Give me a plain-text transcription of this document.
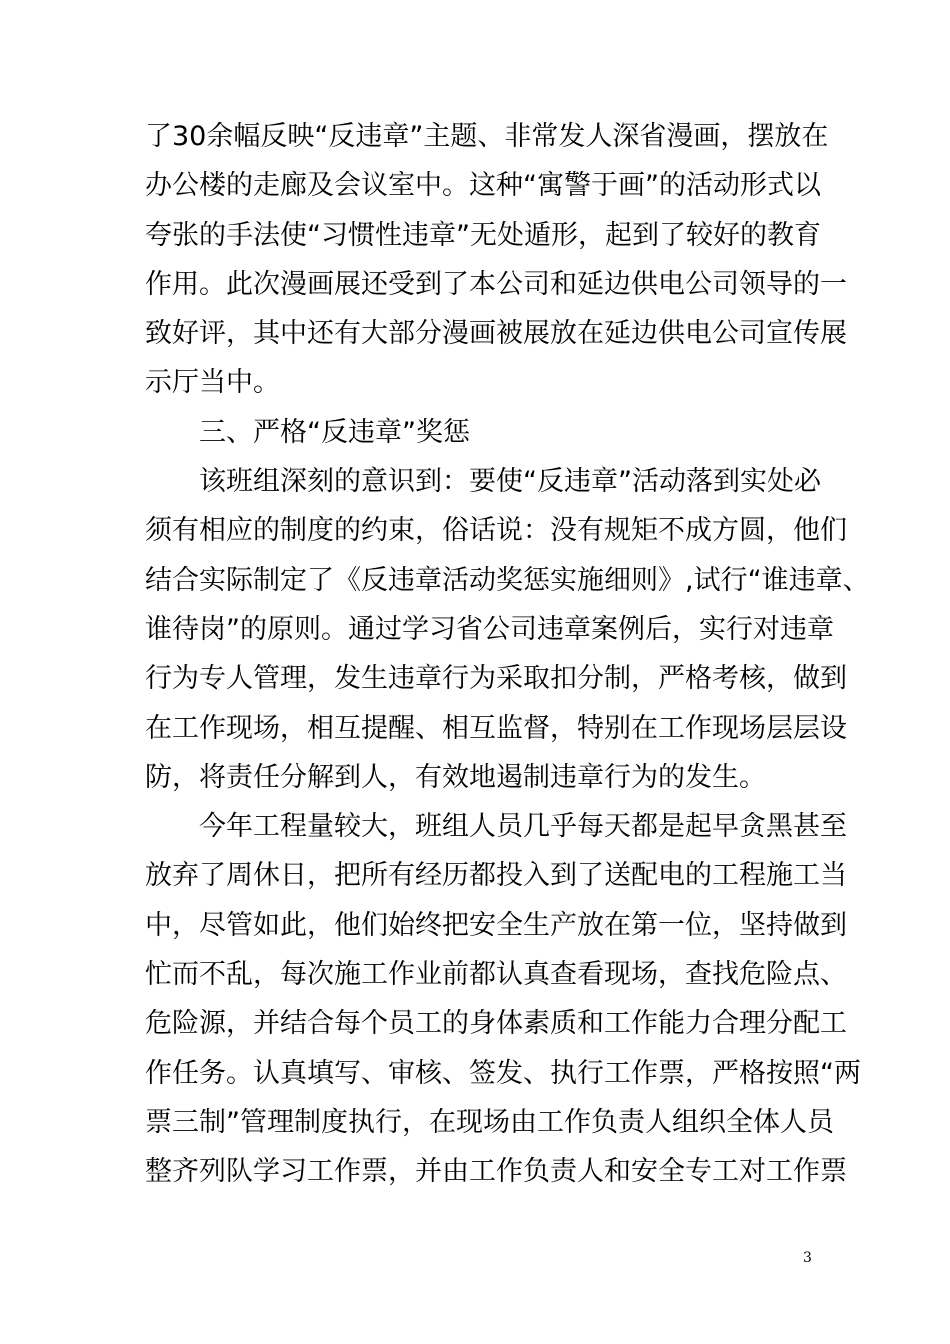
了30余幅反映“反违章”主题、非常发人深省漫画，摆放在
办公楼的走廊及会议室中。这种“寓警于画”的活动形式以
夸张的手法使“习惯性违章”无处遁形，起到了较好的教育
作用。此次漫画展还受到了本公司和延边供电公司领导的一
致好评，其中还有大部分漫画被展放在延边供电公司宣传展
示厅当中。
三、严格“反违章”奖惩
该班组深刻的意识到：要使“反违章”活动落到实处必
须有相应的制度的约束，俗话说：没有规矩不成方圆，他们
结合实际制定了《反违章活动奖惩实施细则》,试行“谁违章、
谁待岗”的原则。通过学习省公司违章案例后，实行对违章
行为专人管理，发生违章行为采取扣分制，严格考核，做到
在工作现场，相互提醒、相互监督，特别在工作现场层层设
防，将责任分解到人，有效地遏制违章行为的发生。
今年工程量较大，班组人员几乎每天都是起早贪黑甚至
放弃了周休日，把所有经历都投入到了送配电的工程施工当
中，尽管如此，他们始终把安全生产放在第一位，坚持做到
忙而不乱，每次施工作业前都认真查看现场，查找危险点、
危险源，并结合每个员工的身体素质和工作能力合理分配工
作任务。认真填写、审核、签发、执行工作票，严格按照“两
票三制”管理制度执行，在现场由工作负责人组织全体人员
整齐列队学习工作票，并由工作负责人和安全专工对工作票
3
